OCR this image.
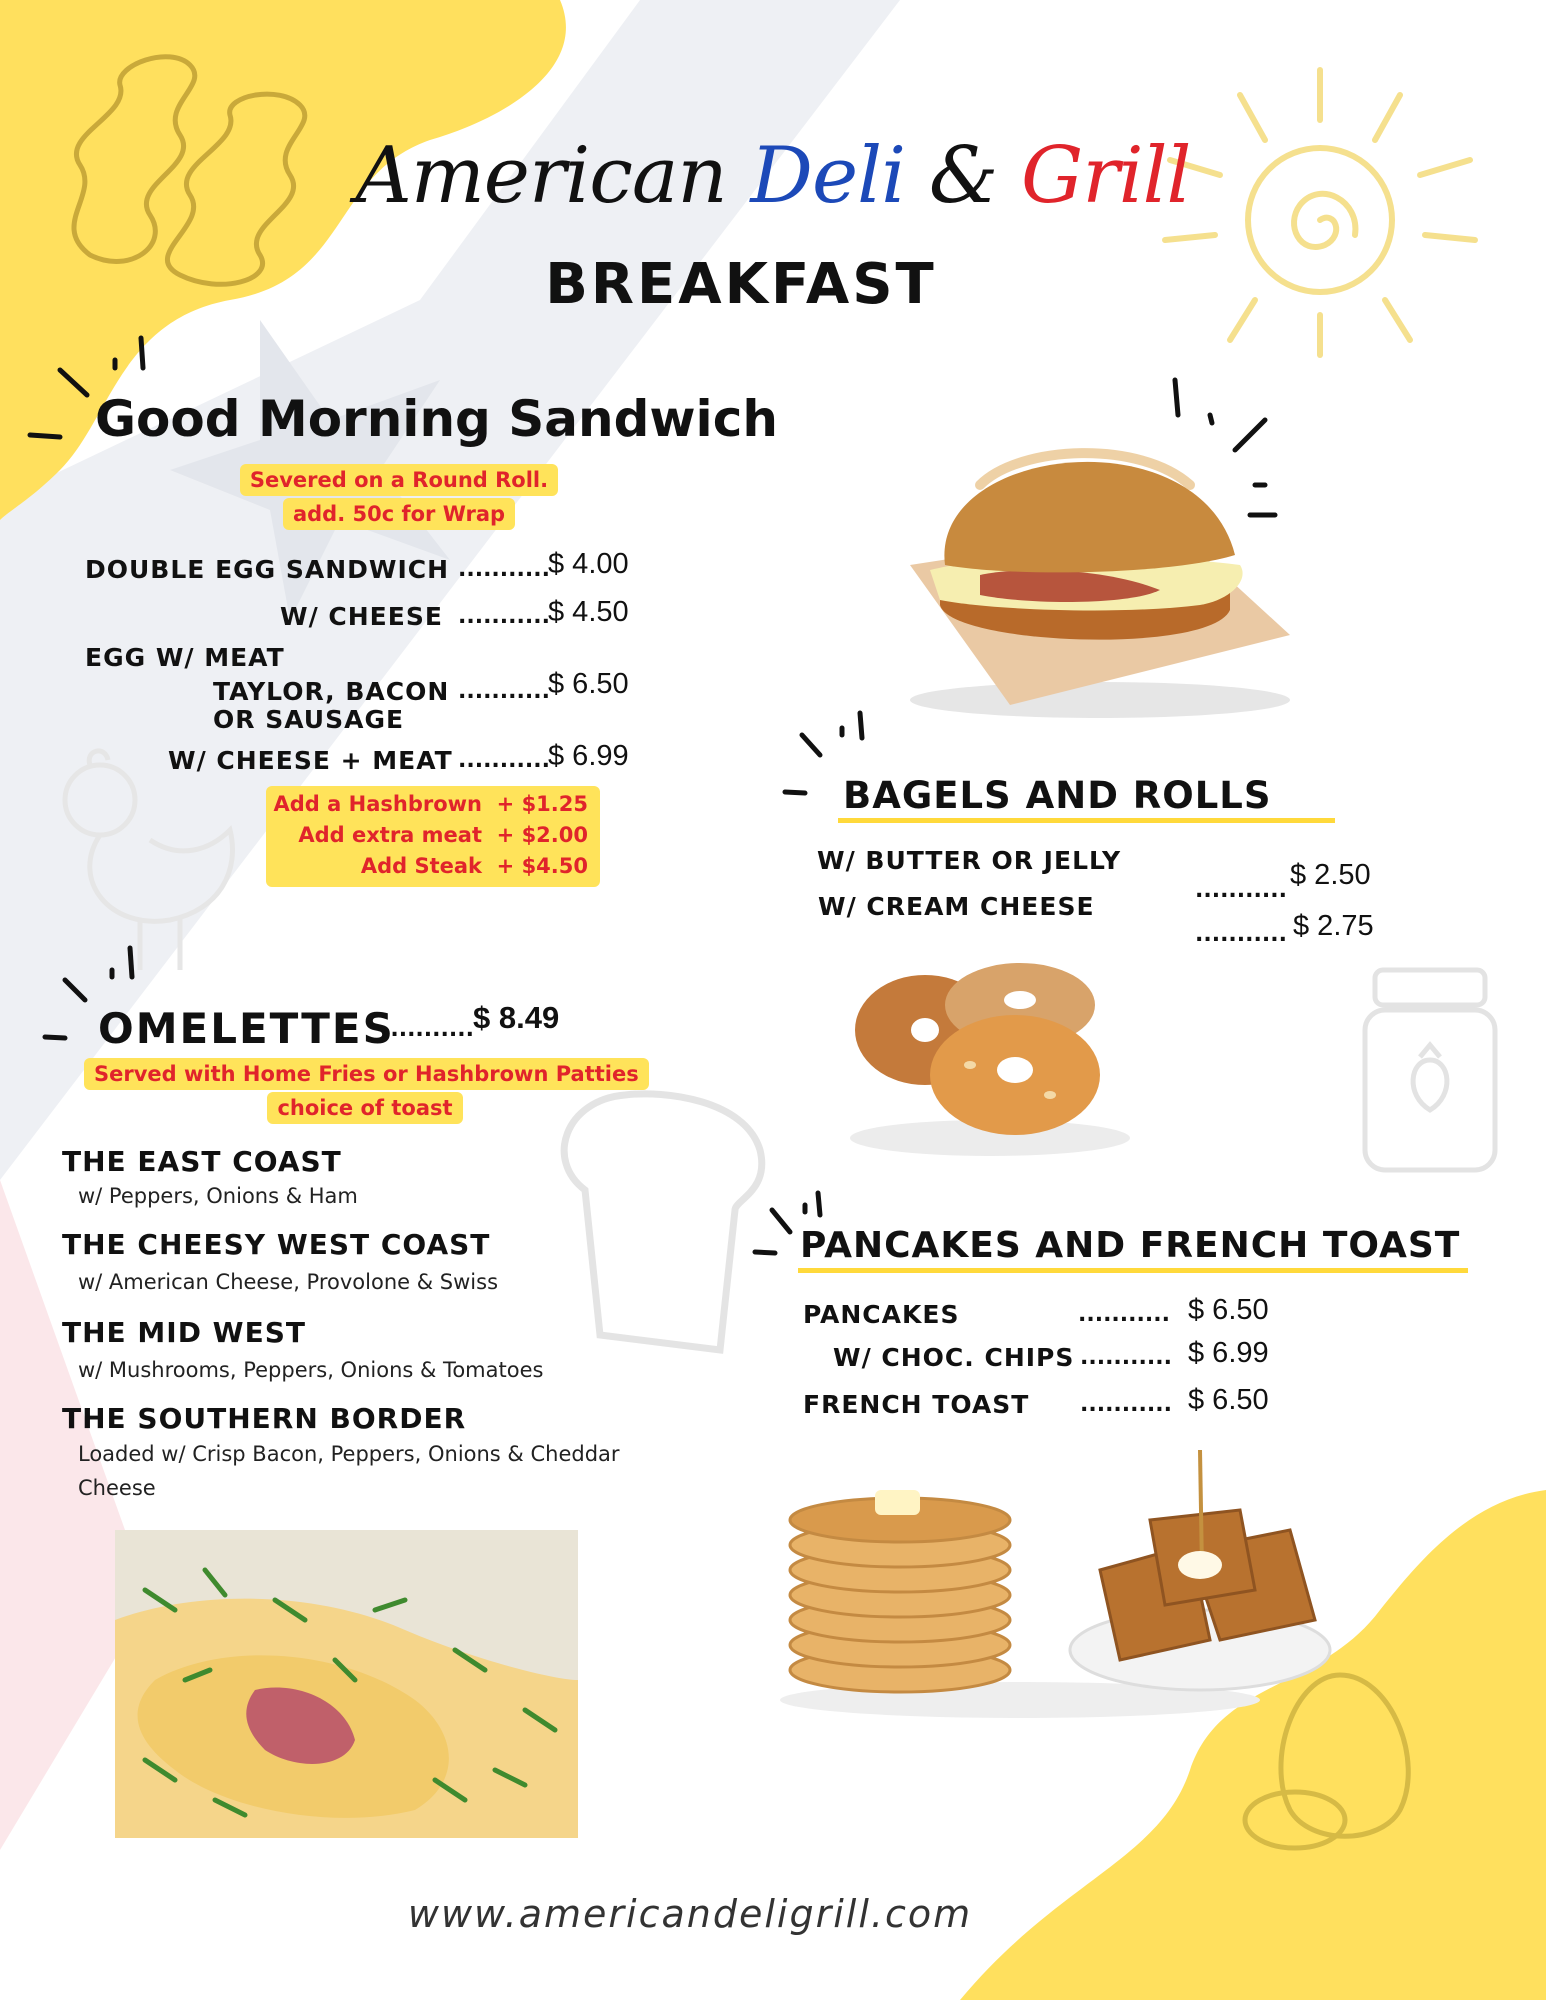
American Deli & Grill
BREAKFAST
Good Morning Sandwich
Severed on a Round Roll.
add. 50c for Wrap
DOUBLE EGG SANDWICH ...........
$ 4.00
W/ CHEESE ...........
$ 4.50
EGG W/ MEAT
TAYLOR, BACON
OR SAUSAGE
...........
$ 6.50
W/ CHEESE + MEAT ...........
$ 6.99
Add a Hashbrown + $1.25
Add extra meat + $2.00
Add Steak + $4.50
BAGELS AND ROLLS
W/ BUTTER OR JELLY
W/ CREAM CHEESE
........... $ 2.50
........... $ 2.75
PANCAKES AND FRENCH TOAST
PANCAKES	........... $ 6.50
W/ CHOC. CHIPS ........... $ 6.99
FRENCH TOAST ........... $ 6.50
OMELETTES
........... $ 8.49
Served with Home Fries or Hashbrown Patties
choice of toast
THE EAST COAST
w/ Peppers, Onions & Ham
THE CHEESY WEST COAST
w/ American Cheese, Provolone & Swiss
THE MID WEST
w/ Mushrooms, Peppers, Onions & Tomatoes
THE SOUTHERN BORDER
Loaded w/ Crisp Bacon, Peppers, Onions & Cheddar Cheese
www.americandeligrill.com
